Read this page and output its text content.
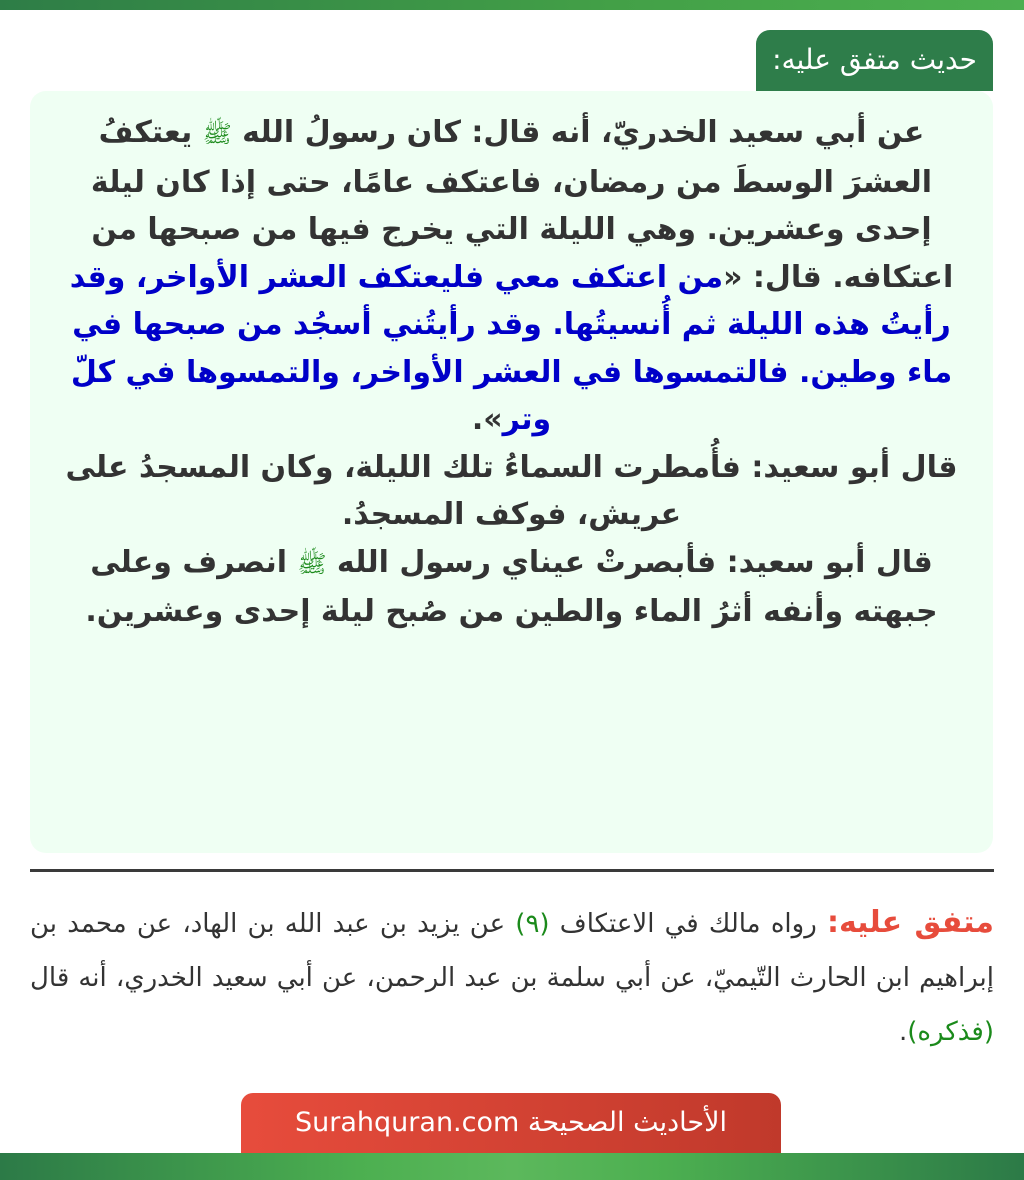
حديث متفق عليه:

عن أبي سعيد الخدريّ، أنه قال: كان رسولُ الله ﷺ يعتكفُ العشرَ الوسطَ من رمضان، فاعتكف عامًا، حتى إذا كان ليلة إحدى وعشرين. وهي الليلة التي يخرج فيها من صبحها من اعتكافه. قال: «من اعتكف معي فليعتكف العشر الأواخر، وقد رأيتُ هذه الليلة ثم أُنسيتُها. وقد رأيتُني أسجُد من صبحها في ماء وطين. فالتمسوها في العشر الأواخر، والتمسوها في كلّ وتر».

قال أبو سعيد: فأُمطرت السماءُ تلك الليلة، وكان المسجدُ على عريش، فوكف المسجدُ.

قال أبو سعيد: فأبصرتْ عيناي رسول الله ﷺ انصرف وعلى جبهته وأنفه أثرُ الماء والطين من صُبح ليلة إحدى وعشرين.

متفق عليه: رواه مالك في الاعتكاف (٩) عن يزيد بن عبد الله بن الهاد، عن محمد بن إبراهيم ابن الحارث التّيميّ، عن أبي سلمة بن عبد الرحمن، عن أبي سعيد الخدري، أنه قال (فذكره).

الأحاديث الصحيحة Surahquran.com
